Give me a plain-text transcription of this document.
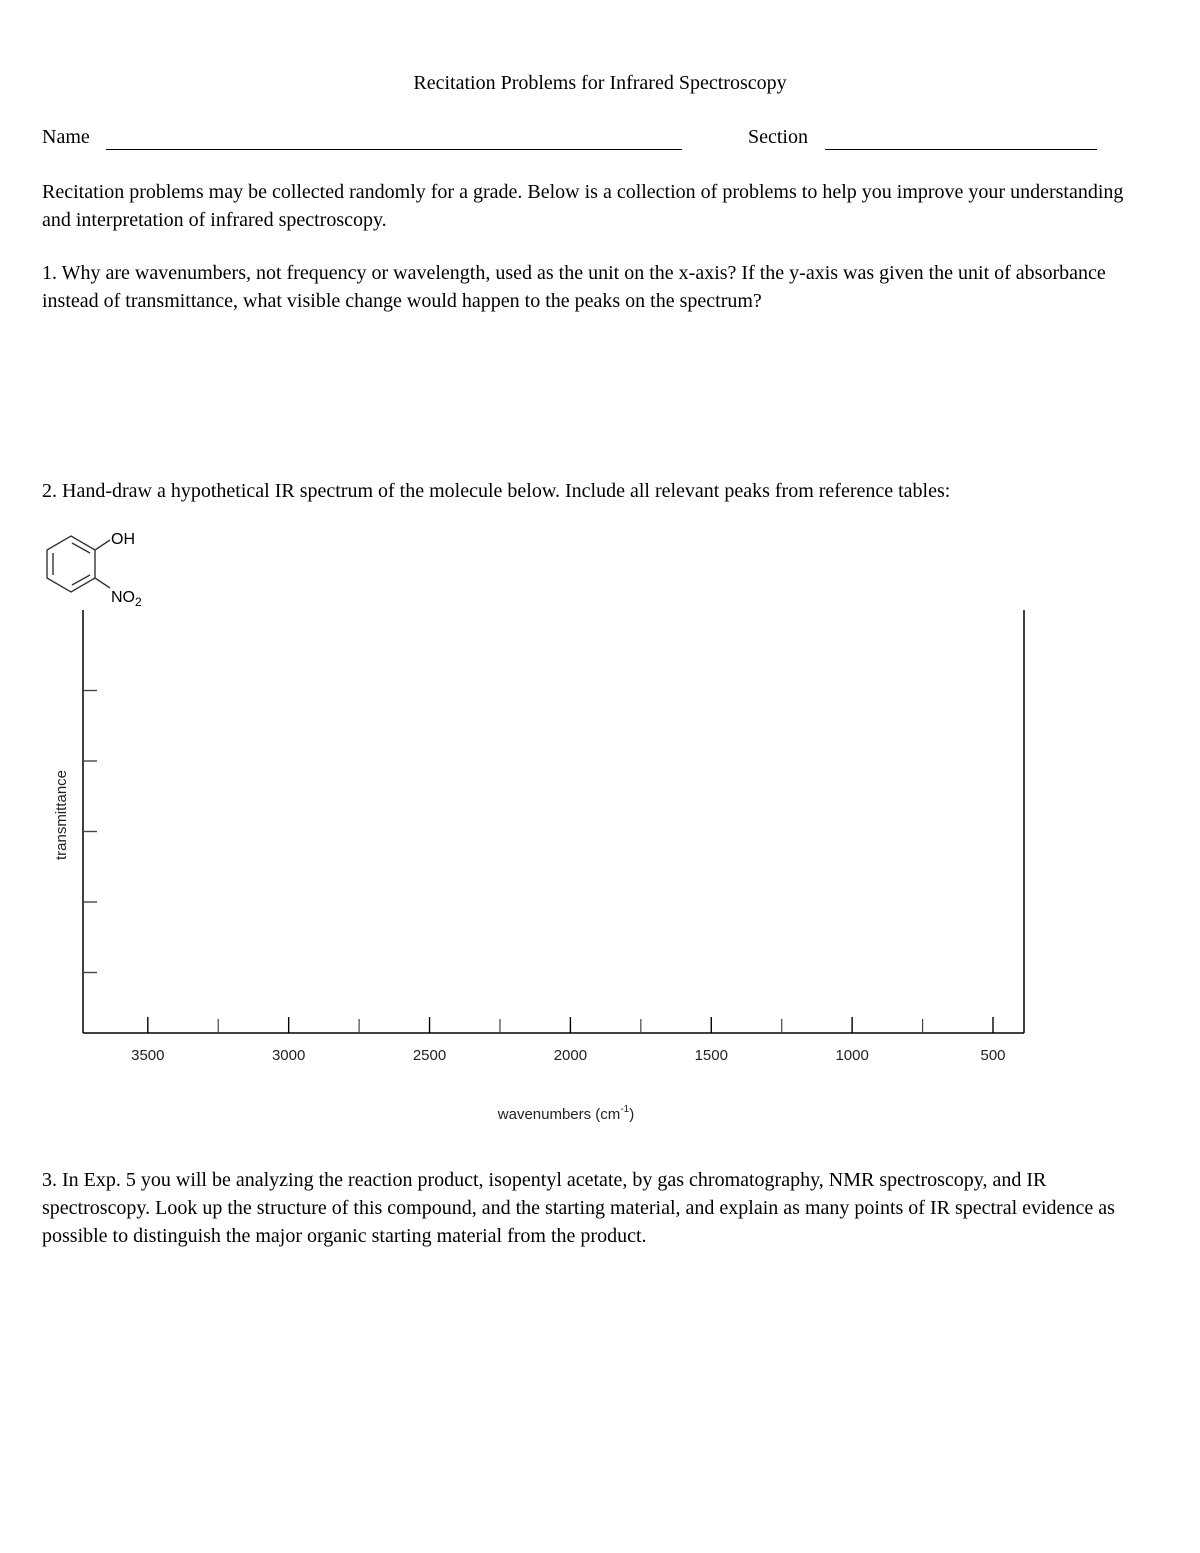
Recitation Problems for Infrared Spectroscopy
Name	Section
Recitation problems may be collected randomly for a grade. Below is a collection of problems to help you improve your understanding and interpretation of infrared spectroscopy.
1. Why are wavenumbers, not frequency or wavelength, used as the unit on the x-axis? If the y-axis was given the unit of absorbance instead of transmittance, what visible change would happen to the peaks on the spectrum?
2. Hand-draw a hypothetical IR spectrum of the molecule below. Include all relevant peaks from reference tables:
OH
$NO_2$
3500	3000	2500	2000	1500	1000	500
wavenumbers $(cm^{-1})$
transmittance
3. In Exp. 5 you will be analyzing the reaction product, isopentyl acetate, by gas chromatography, NMR spectroscopy, and IR spectroscopy. Look up the structure of this compound, and the starting material, and explain as many points of IR spectral evidence as possible to distinguish the major organic starting material from the product.
